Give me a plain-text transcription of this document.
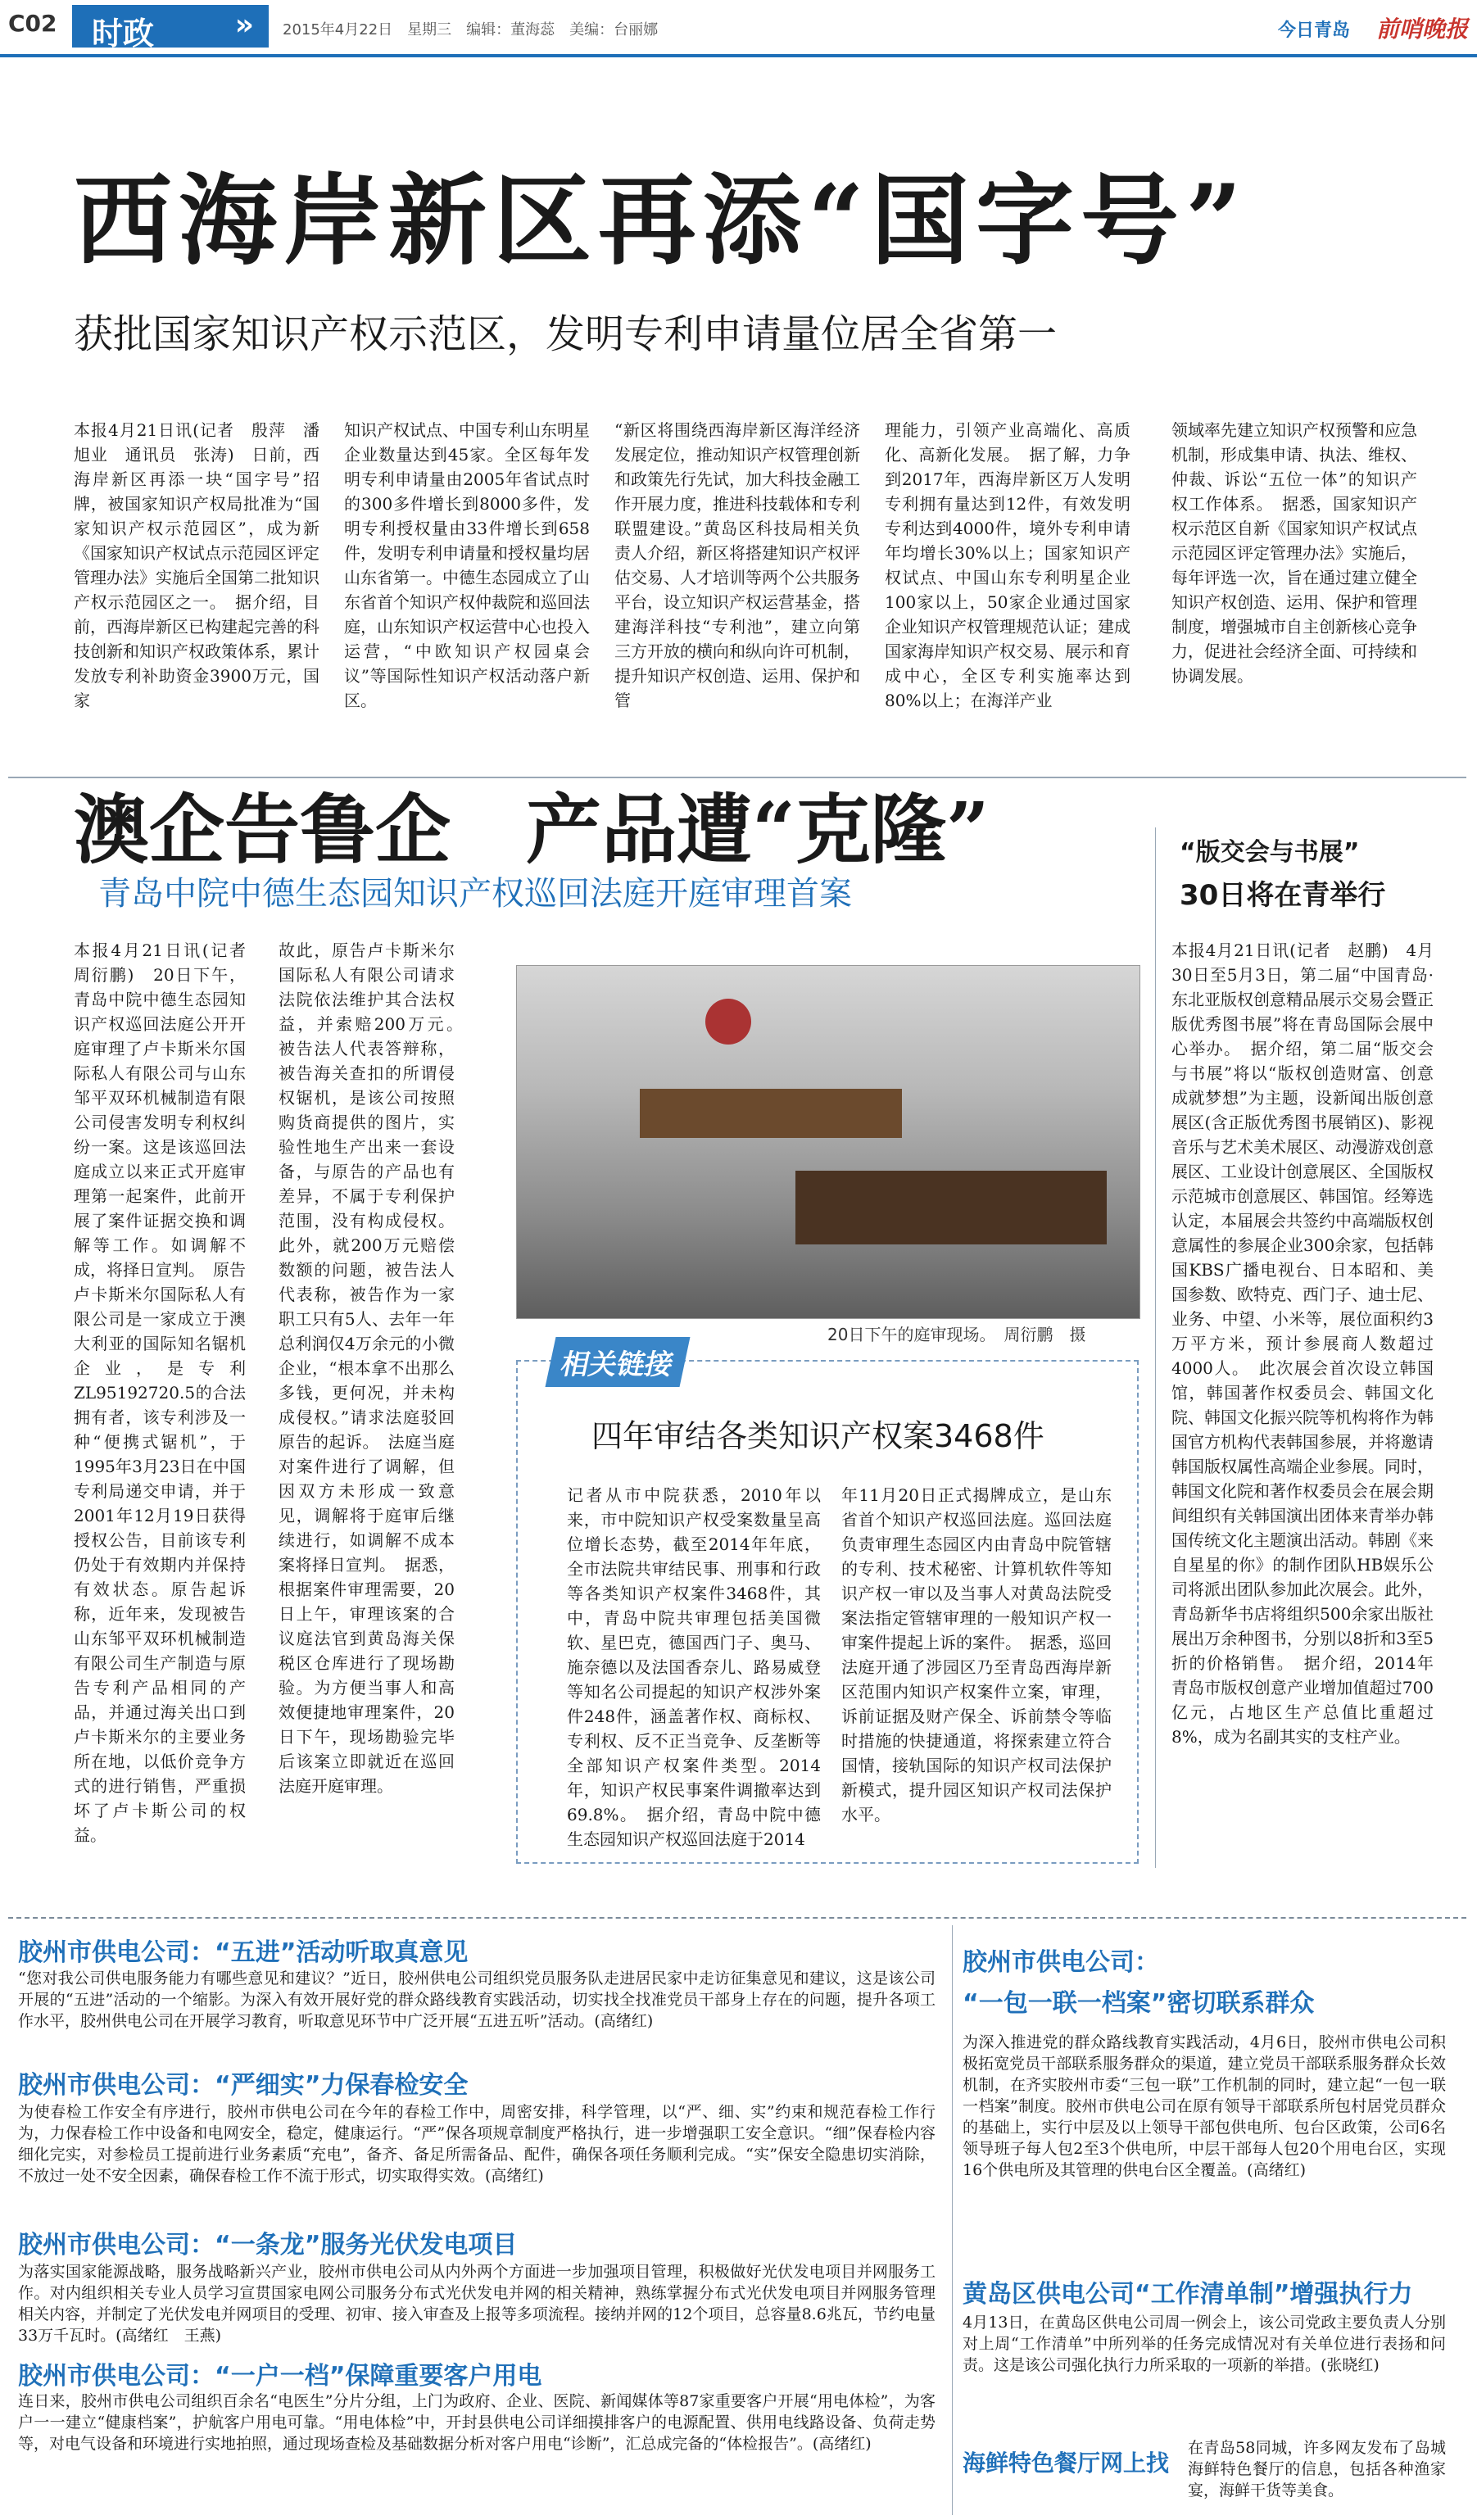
C02 时政	» 2015年4月22日　星期三　编辑：董海蕊　美编：台丽娜	今日青岛 前哨晚报
西海岸新区再添“国字号”
获批国家知识产权示范区，发明专利申请量位居全省第一
本报4月21日讯(记者　殷萍　潘旭业　通讯员　张涛)　日前，西海岸新区再添一块“国字号”招牌，被国家知识产权局批准为“国家知识产权示范园区”，成为新《国家知识产权试点示范园区评定管理办法》实施后全国第二批知识产权示范园区之一。　据介绍，目前，西海岸新区已构建起完善的科技创新和知识产权政策体系，累计发放专利补助资金3900万元，国家
知识产权试点、中国专利山东明星企业数量达到45家。全区每年发明专利申请量由2005年省试点时的300多件增长到8000多件，发明专利授权量由33件增长到658件，发明专利申请量和授权量均居山东省第一。中德生态园成立了山东省首个知识产权仲裁院和巡回法庭，山东知识产权运营中心也投入运营，“中欧知识产权园桌会议”等国际性知识产权活动落户新区。
“新区将围绕西海岸新区海洋经济发展定位，推动知识产权管理创新和政策先行先试，加大科技金融工作开展力度，推进科技载体和专利联盟建设。”黄岛区科技局相关负责人介绍，新区将搭建知识产权评估交易、人才培训等两个公共服务平台，设立知识产权运营基金，搭建海洋科技“专利池”，建立向第三方开放的横向和纵向许可机制，提升知识产权创造、运用、保护和管
理能力，引领产业高端化、高质化、高新化发展。　据了解，力争到2017年，西海岸新区万人发明专利拥有量达到12件，有效发明专利达到4000件，境外专利申请年均增长30%以上；国家知识产权试点、中国山东专利明星企业100家以上，50家企业通过国家企业知识产权管理规范认证；建成国家海岸知识产权交易、展示和育成中心，全区专利实施率达到80%以上；在海洋产业
领域率先建立知识产权预警和应急机制，形成集申请、执法、维权、仲裁、诉讼“五位一体”的知识产权工作体系。　据悉，国家知识产权示范区自新《国家知识产权试点示范园区评定管理办法》实施后，每年评选一次，旨在通过建立健全知识产权创造、运用、保护和管理制度，增强城市自主创新核心竞争力，促进社会经济全面、可持续和协调发展。
澳企告鲁企　产品遭“克隆”
青岛中院中德生态园知识产权巡回法庭开庭审理首案
本报4月21日讯(记者　周衍鹏)　20日下午，青岛中院中德生态园知识产权巡回法庭公开开庭审理了卢卡斯米尔国际私人有限公司与山东邹平双环机械制造有限公司侵害发明专利权纠纷一案。这是该巡回法庭成立以来正式开庭审理第一起案件，此前开展了案件证据交换和调解等工作。如调解不成，将择日宣判。　原告卢卡斯米尔国际私人有限公司是一家成立于澳大利亚的国际知名锯机企业，是专利ZL95192720.5的合法拥有者，该专利涉及一种“便携式锯机”，于1995年3月23日在中国专利局递交申请，并于2001年12月19日获得授权公告，目前该专利仍处于有效期内并保持有效状态。原告起诉称，近年来，发现被告山东邹平双环机械制造有限公司生产制造与原告专利产品相同的产品，并通过海关出口到卢卡斯米尔的主要业务所在地，以低价竞争方式的进行销售，严重损坏了卢卡斯公司的权益。
故此，原告卢卡斯米尔国际私人有限公司请求法院依法维护其合法权益，并索赔200万元。　被告法人代表答辩称，被告海关查扣的所谓侵权锯机，是该公司按照购货商提供的图片，实验性地生产出来一套设备，与原告的产品也有差异，不属于专利保护范围，没有构成侵权。此外，就200万元赔偿数额的问题，被告法人代表称，被告作为一家职工只有5人、去年一年总利润仅4万余元的小微企业，“根本拿不出那么多钱，更何况，并未构成侵权。”请求法庭驳回原告的起诉。　法庭当庭对案件进行了调解，但因双方未形成一致意见，调解将于庭审后继续进行，如调解不成本案将择日宣判。　据悉，根据案件审理需要，20日上午，审理该案的合议庭法官到黄岛海关保税区仓库进行了现场勘验。为方便当事人和高效便捷地审理案件，20日下午，现场勘验完毕后该案立即就近在巡回法庭开庭审理。
20日下午的庭审现场。　周衍鹏　摄
相关链接
四年审结各类知识产权案3468件
记者从市中院获悉，2010年以来，市中院知识产权受案数量呈高位增长态势，截至2014年年底，全市法院共审结民事、刑事和行政等各类知识产权案件3468件，其中，青岛中院共审理包括美国微软、星巴克，德国西门子、奥马、施奈德以及法国香奈儿、路易威登等知名公司提起的知识产权涉外案件248件，涵盖著作权、商标权、专利权、反不正当竞争、反垄断等全部知识产权案件类型。2014年，知识产权民事案件调撤率达到69.8%。　据介绍，青岛中院中德生态园知识产权巡回法庭于2014
年11月20日正式揭牌成立，是山东省首个知识产权巡回法庭。巡回法庭负责审理生态园区内由青岛中院管辖的专利、技术秘密、计算机软件等知识产权一审以及当事人对黄岛法院受案法指定管辖审理的一般知识产权一审案件提起上诉的案件。　据悉，巡回法庭开通了涉园区乃至青岛西海岸新区范围内知识产权案件立案，审理，诉前证据及财产保全、诉前禁令等临时措施的快捷通道，将探索建立符合国情，接轨国际的知识产权司法保护新模式，提升园区知识产权司法保护水平。
“版交会与书展”
30日将在青举行
本报4月21日讯(记者　赵鹏)　4月30日至5月3日，第二届“中国青岛·东北亚版权创意精品展示交易会暨正版优秀图书展”将在青岛国际会展中心举办。　据介绍，第二届“版交会与书展”将以“版权创造财富、创意成就梦想”为主题，设新闻出版创意展区(含正版优秀图书展销区)、影视音乐与艺术美术展区、动漫游戏创意展区、工业设计创意展区、全国版权示范城市创意展区、韩国馆。经筹选认定，本届展会共签约中高端版权创意属性的参展企业300余家，包括韩国KBS广播电视台、日本昭和、美国参数、欧特克、西门子、迪士尼、业务、中望、小米等，展位面积约3万平方米，预计参展商人数超过4000人。　此次展会首次设立韩国馆，韩国著作权委员会、韩国文化院、韩国文化振兴院等机构将作为韩国官方机构代表韩国参展，并将邀请韩国版权属性高端企业参展。同时，韩国文化院和著作权委员会在展会期间组织有关韩国演出团体来青举办韩国传统文化主题演出活动。韩剧《来自星星的你》的制作团队HB娱乐公司将派出团队参加此次展会。此外，青岛新华书店将组织500余家出版社展出万余种图书，分别以8折和3至5折的价格销售。　据介绍，2014年青岛市版权创意产业增加值超过700亿元，占地区生产总值比重超过8%，成为名副其实的支柱产业。
胶州市供电公司：“五进”活动听取真意见
“您对我公司供电服务能力有哪些意见和建议？”近日，胶州供电公司组织党员服务队走进居民家中走访征集意见和建议，这是该公司开展的“五进”活动的一个缩影。为深入有效开展好党的群众路线教育实践活动，切实找全找准党员干部身上存在的问题，提升各项工作水平，胶州供电公司在开展学习教育，听取意见环节中广泛开展“五进五听”活动。(高绪红)
胶州市供电公司：“严细实”力保春检安全
为使春检工作安全有序进行，胶州市供电公司在今年的春检工作中，周密安排，科学管理，以“严、细、实”约束和规范春检工作行为，力保春检工作中设备和电网安全，稳定，健康运行。“严”保各项规章制度严格执行，进一步增强职工安全意识。“细”保春检内容细化完实，对参检员工提前进行业务素质“充电”，备齐、备足所需备品、配件，确保各项任务顺利完成。“实”保安全隐患切实消除，不放过一处不安全因素，确保春检工作不流于形式，切实取得实效。(高绪红)
胶州市供电公司：“一条龙”服务光伏发电项目
为落实国家能源战略，服务战略新兴产业，胶州市供电公司从内外两个方面进一步加强项目管理，积极做好光伏发电项目并网服务工作。对内组织相关专业人员学习宣贯国家电网公司服务分布式光伏发电并网的相关精神，熟练掌握分布式光伏发电项目并网服务管理相关内容，并制定了光伏发电并网项目的受理、初审、接入审查及上报等多项流程。接纳并网的12个项目，总容量8.6兆瓦，节约电量33万千瓦时。(高绪红　王燕)
胶州市供电公司：“一户一档”保障重要客户用电
连日来，胶州市供电公司组织百余名“电医生”分片分组，上门为政府、企业、医院、新闻媒体等87家重要客户开展“用电体检”，为客户一一建立“健康档案”，护航客户用电可靠。“用电体检”中，开封县供电公司详细摸排客户的电源配置、供用电线路设备、负荷走势等，对电气设备和环境进行实地拍照，通过现场查检及基础数据分析对客户用电“诊断”，汇总成完备的“体检报告”。(高绪红)
胶州市供电公司：
“一包一联一档案”密切联系群众
为深入推进党的群众路线教育实践活动，4月6日，胶州市供电公司积极拓宽党员干部联系服务群众的渠道，建立党员干部联系服务群众长效机制，在齐实胶州市委“三包一联”工作机制的同时，建立起“一包一联一档案”制度。胶州市供电公司在原有领导干部联系所包村居党员群众的基础上，实行中层及以上领导干部包供电所、包台区政策，公司6名领导班子每人包2至3个供电所，中层干部每人包20个用电台区，实现16个供电所及其管理的供电台区全覆盖。(高绪红)
黄岛区供电公司“工作清单制”增强执行力
4月13日，在黄岛区供电公司周一例会上，该公司党政主要负责人分别对上周“工作清单”中所列举的任务完成情况对有关单位进行表扬和问责。这是该公司强化执行力所采取的一项新的举措。(张晓红)
海鲜特色餐厅网上找
在青岛58同城，许多网友发布了岛城海鲜特色餐厅的信息，包括各种渔家宴，海鲜干货等美食。
